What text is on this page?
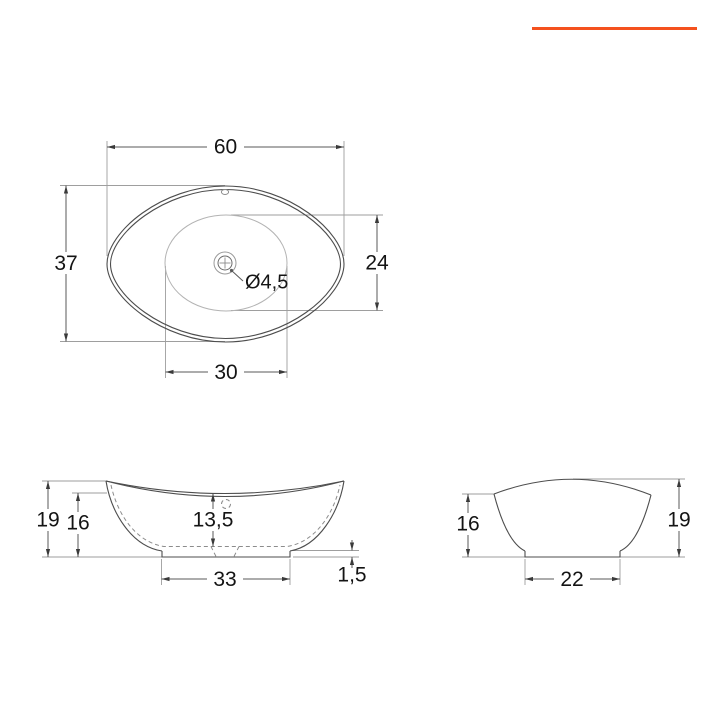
60
37	24
30
Ø4,5
19 16	13,5
33	1,5
16	19
22
